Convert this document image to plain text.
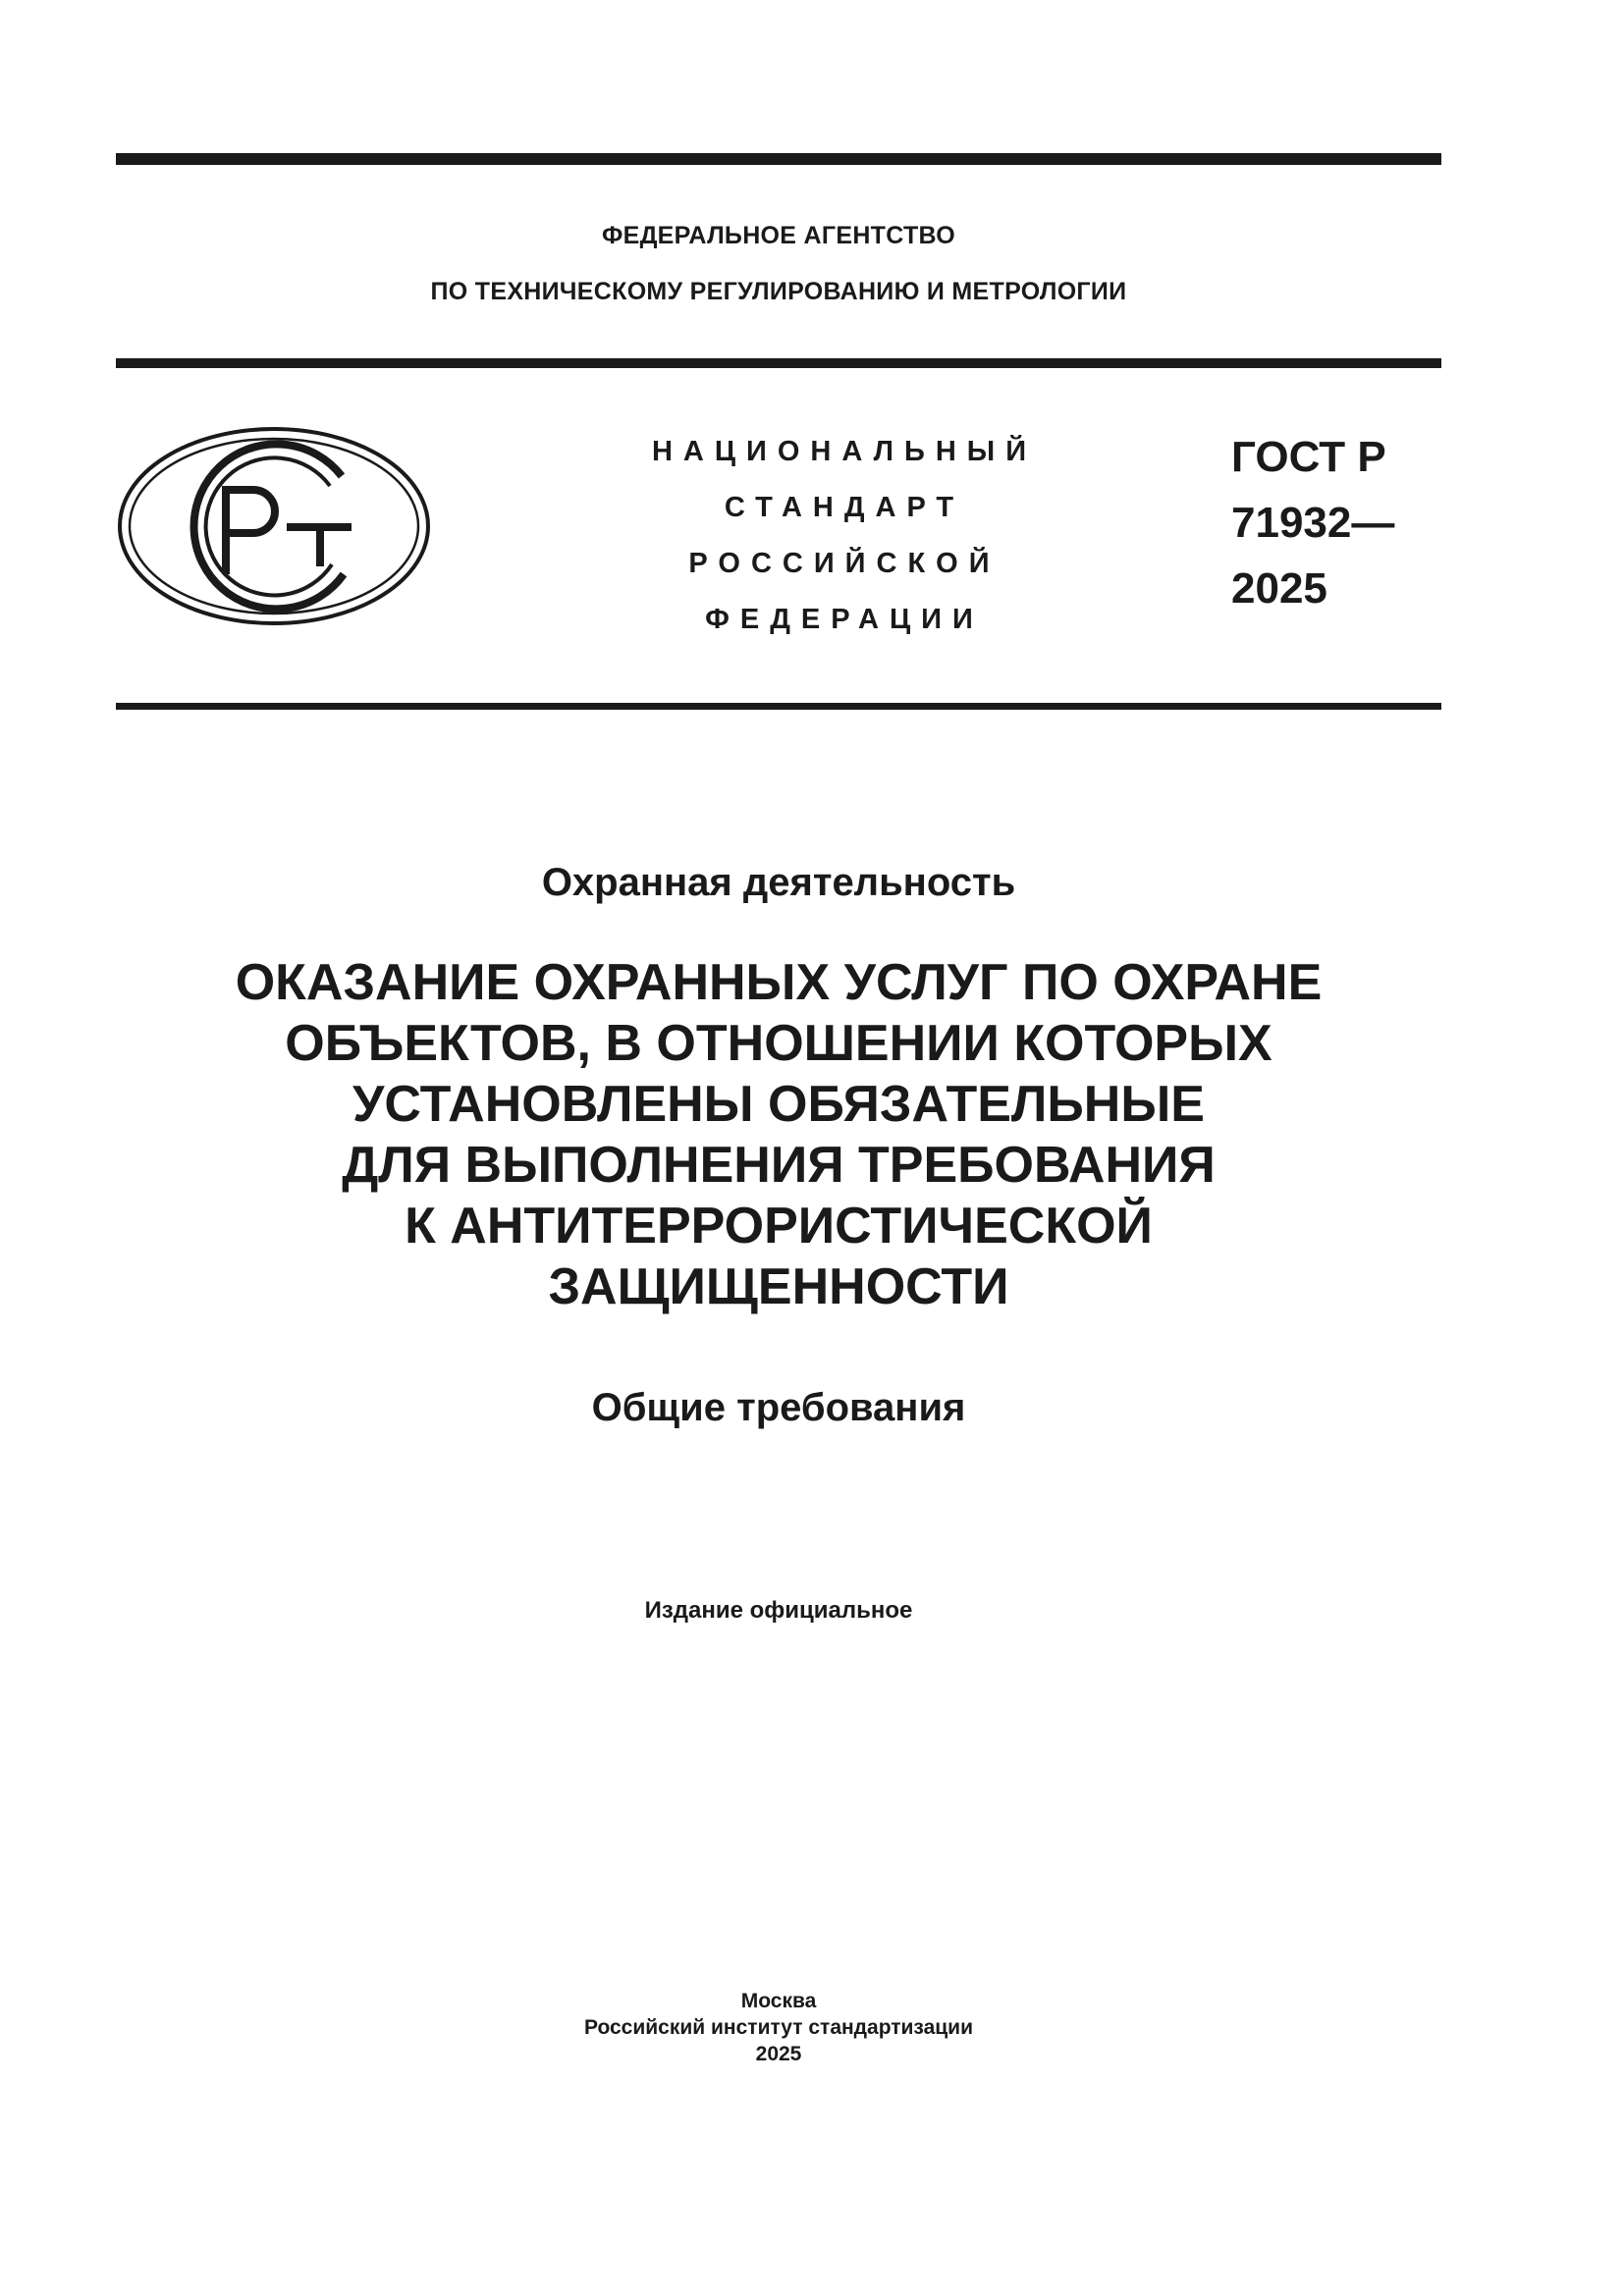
ФЕДЕРАЛЬНОЕ АГЕНТСТВО
ПО ТЕХНИЧЕСКОМУ РЕГУЛИРОВАНИЮ И МЕТРОЛОГИИ
НАЦИОНАЛЬНЫЙ
СТАНДАРТ
РОССИЙСКОЙ
ФЕДЕРАЦИИ
ГОСТ Р
71932—
2025
Охранная деятельность
ОКАЗАНИЕ ОХРАННЫХ УСЛУГ ПО ОХРАНЕ
ОБЪЕКТОВ, В ОТНОШЕНИИ КОТОРЫХ
УСТАНОВЛЕНЫ ОБЯЗАТЕЛЬНЫЕ
ДЛЯ ВЫПОЛНЕНИЯ ТРЕБОВАНИЯ
К АНТИТЕРРОРИСТИЧЕСКОЙ
ЗАЩИЩЕННОСТИ
Общие требования
Издание официальное
Москва
Российский институт стандартизации
2025
